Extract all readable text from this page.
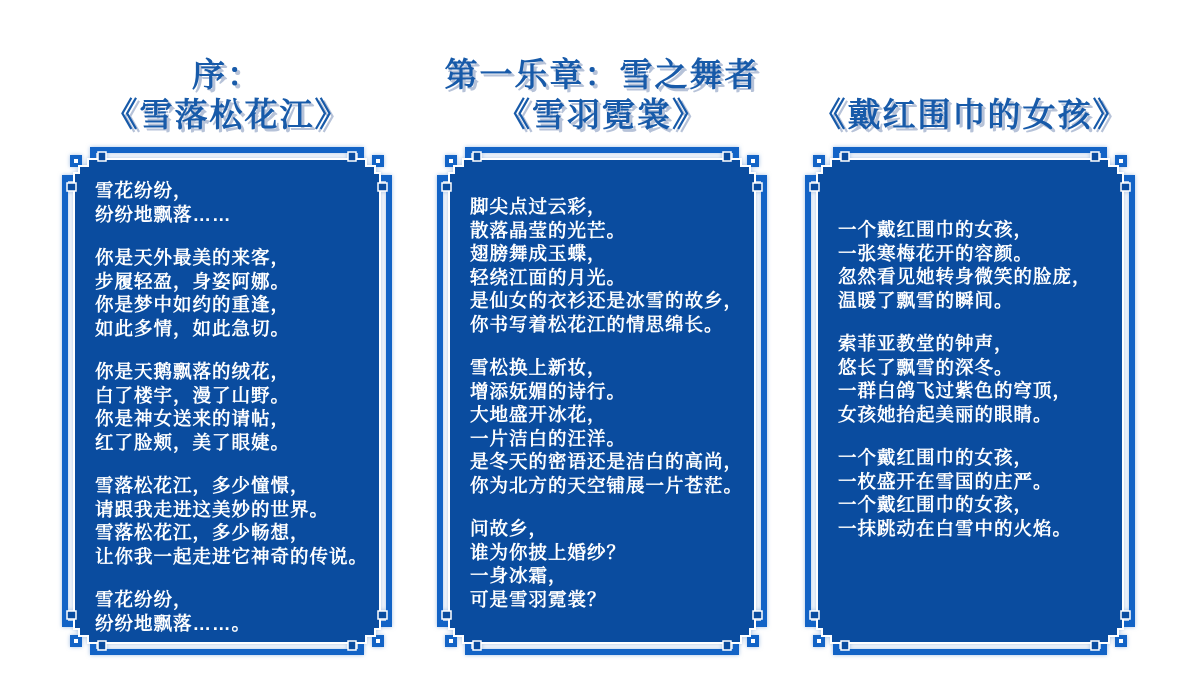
序：
《雪落松花江》
雪花纷纷，
纷纷地飘落……
你是天外最美的来客，
步履轻盈，身姿阿娜。
你是梦中如约的重逢，
如此多情，如此急切。
你是天鹅飘落的绒花，
白了楼宇，漫了山野。
你是神女送来的请帖，
红了脸颊，美了眼婕。
雪落松花江，多少憧憬，
请跟我走进这美妙的世界。
雪落松花江，多少畅想，
让你我一起走进它神奇的传说。
雪花纷纷，
纷纷地飘落……。
第一乐章：雪之舞者
《雪羽霓裳》
脚尖点过云彩，
散落晶莹的光芒。
翅膀舞成玉蝶，
轻绕江面的月光。
是仙女的衣衫还是冰雪的故乡，
你书写着松花江的情思绵长。
雪松换上新妆，
增添妩媚的诗行。
大地盛开冰花，
一片洁白的汪洋。
是冬天的密语还是洁白的高尚，
你为北方的天空铺展一片苍茫。
问故乡，
谁为你披上婚纱？
一身冰霜，
可是雪羽霓裳？
《戴红围巾的女孩》
一个戴红围巾的女孩，
一张寒梅花开的容颜。
忽然看见她转身微笑的脸庞，
温暖了飘雪的瞬间。
索菲亚教堂的钟声，
悠长了飘雪的深冬。
一群白鸽飞过紫色的穹顶，
女孩她抬起美丽的眼睛。
一个戴红围巾的女孩，
一枚盛开在雪国的庄严。
一个戴红围巾的女孩，
一抹跳动在白雪中的火焰。
